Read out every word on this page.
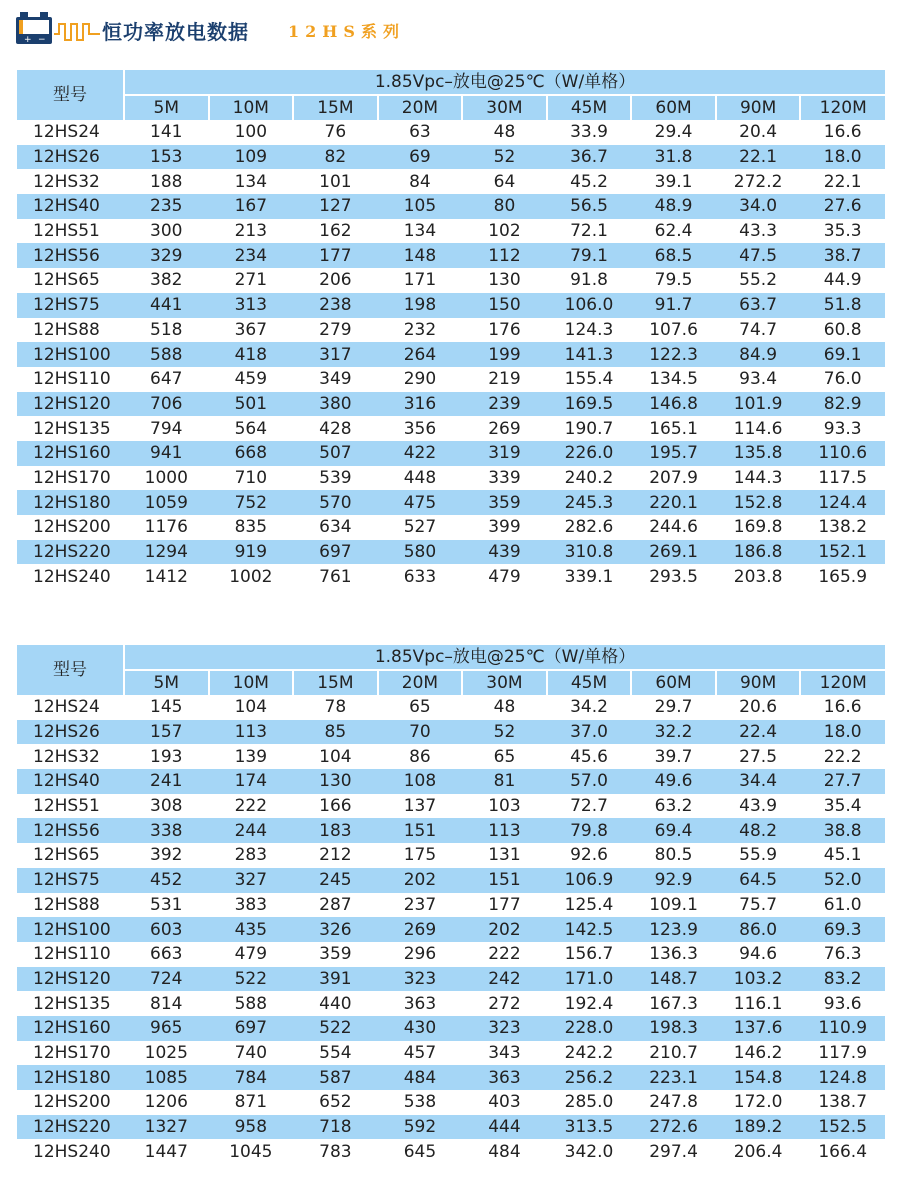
+ −	恒功率放电数据 12HS系列
型号	1.85Vpc–放电@25℃（W/单格）								
	5M	10M	15M	20M	30M	45M	60M	90M	120M
12HS24	141	100	76	63	48	33.9	29.4	20.4	16.6
12HS26	153	109	82	69	52	36.7	31.8	22.1	18.0
12HS32	188	134	101	84	64	45.2	39.1	272.2	22.1
12HS40	235	167	127	105	80	56.5	48.9	34.0	27.6
12HS51	300	213	162	134	102	72.1	62.4	43.3	35.3
12HS56	329	234	177	148	112	79.1	68.5	47.5	38.7
12HS65	382	271	206	171	130	91.8	79.5	55.2	44.9
12HS75	441	313	238	198	150	106.0	91.7	63.7	51.8
12HS88	518	367	279	232	176	124.3	107.6	74.7	60.8
12HS100	588	418	317	264	199	141.3	122.3	84.9	69.1
12HS110	647	459	349	290	219	155.4	134.5	93.4	76.0
12HS120	706	501	380	316	239	169.5	146.8	101.9	82.9
12HS135	794	564	428	356	269	190.7	165.1	114.6	93.3
12HS160	941	668	507	422	319	226.0	195.7	135.8	110.6
12HS170	1000	710	539	448	339	240.2	207.9	144.3	117.5
12HS180	1059	752	570	475	359	245.3	220.1	152.8	124.4
12HS200	1176	835	634	527	399	282.6	244.6	169.8	138.2
12HS220	1294	919	697	580	439	310.8	269.1	186.8	152.1
12HS240	1412	1002	761	633	479	339.1	293.5	203.8	165.9
型号	1.85Vpc–放电@25℃（W/单格）								
	5M	10M	15M	20M	30M	45M	60M	90M	120M
12HS24	145	104	78	65	48	34.2	29.7	20.6	16.6
12HS26	157	113	85	70	52	37.0	32.2	22.4	18.0
12HS32	193	139	104	86	65	45.6	39.7	27.5	22.2
12HS40	241	174	130	108	81	57.0	49.6	34.4	27.7
12HS51	308	222	166	137	103	72.7	63.2	43.9	35.4
12HS56	338	244	183	151	113	79.8	69.4	48.2	38.8
12HS65	392	283	212	175	131	92.6	80.5	55.9	45.1
12HS75	452	327	245	202	151	106.9	92.9	64.5	52.0
12HS88	531	383	287	237	177	125.4	109.1	75.7	61.0
12HS100	603	435	326	269	202	142.5	123.9	86.0	69.3
12HS110	663	479	359	296	222	156.7	136.3	94.6	76.3
12HS120	724	522	391	323	242	171.0	148.7	103.2	83.2
12HS135	814	588	440	363	272	192.4	167.3	116.1	93.6
12HS160	965	697	522	430	323	228.0	198.3	137.6	110.9
12HS170	1025	740	554	457	343	242.2	210.7	146.2	117.9
12HS180	1085	784	587	484	363	256.2	223.1	154.8	124.8
12HS200	1206	871	652	538	403	285.0	247.8	172.0	138.7
12HS220	1327	958	718	592	444	313.5	272.6	189.2	152.5
12HS240	1447	1045	783	645	484	342.0	297.4	206.4	166.4
